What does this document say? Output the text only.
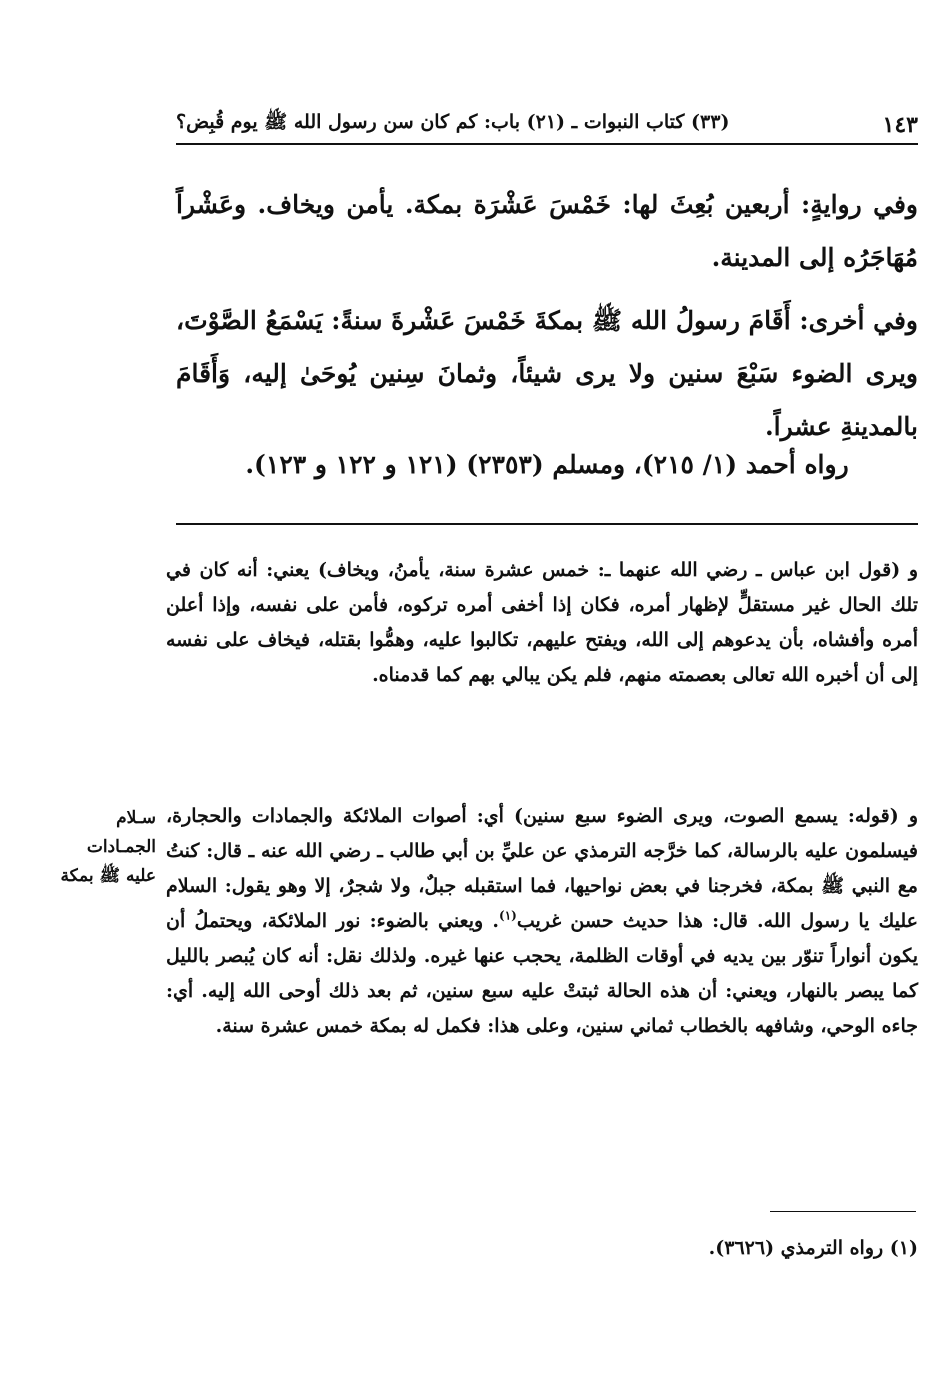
(٣٣) كتاب النبوات ـ (٢١) باب: كم كان سن رسول الله ﷺ يوم قُبِض؟	١٤٣

وفي روايةٍ: أربعين بُعِثَ لها: خَمْسَ عَشْرَة بمكة. يأمن ويخاف. وعَشْراً مُهَاجَرُه إلى المدينة.

وفي أخرى: أَقَامَ رسولُ الله ﷺ بمكةَ خَمْسَ عَشْرةَ سنةً: يَسْمَعُ الصَّوْتَ، ويرى الضوء سَبْعَ سنين ولا يرى شيئاً، وثمانَ سِنين يُوحَىٰ إليه، وَأَقَامَ بالمدينةِ عشراً.

رواه أحمد (١/ ٢١٥)، ومسلم (٢٣٥٣) (١٢١ و ١٢٢ و ١٢٣).

و (قول ابن عباس ـ رضي الله عنهما ـ: خمس عشرة سنة، يأمنُ، ويخاف) يعني: أنه كان في تلك الحال غير مستقلٍّ لإظهار أمره، فكان إذا أخفى أمره تركوه، فأمن على نفسه، وإذا أعلن أمره وأفشاه، بأن يدعوهم إلى الله، ويفتح عليهم، تكالبوا عليه، وهمُّوا بقتله، فيخاف على نفسه إلى أن أخبره الله تعالى بعصمته منهم، فلم يكن يبالي بهم كما قدمناه.

و (قوله: يسمع الصوت، ويرى الضوء سبع سنين) أي: أصوات الملائكة والجمادات والحجارة، فيسلمون عليه بالرسالة، كما خرَّجه الترمذي عن عليِّ بن أبي طالب ـ رضي الله عنه ـ قال: كنتُ مع النبي ﷺ بمكة، فخرجنا في بعض نواحيها، فما استقبله جبلٌ، ولا شجرٌ، إلا وهو يقول: السلام عليك يا رسول الله. قال: هذا حديث حسن غريب$^{(١)}$. ويعني بالضوء: نور الملائكة، ويحتملُ أن يكون أنواراً تنوّر بين يديه في أوقات الظلمة، يحجب عنها غيره. ولذلك نقل: أنه كان يُبصر بالليل كما يبصر بالنهار، ويعني: أن هذه الحالة ثبتتْ عليه سبع سنين، ثم بعد ذلك أوحى الله إليه. أي: جاءه الوحي، وشافهه بالخطاب ثماني سنين، وعلى هذا: فكمل له بمكة خمس عشرة سنة.

سـلام
الجمـادات
عليه ﷺ بمكة

(١) رواه الترمذي (٣٦٢٦).
